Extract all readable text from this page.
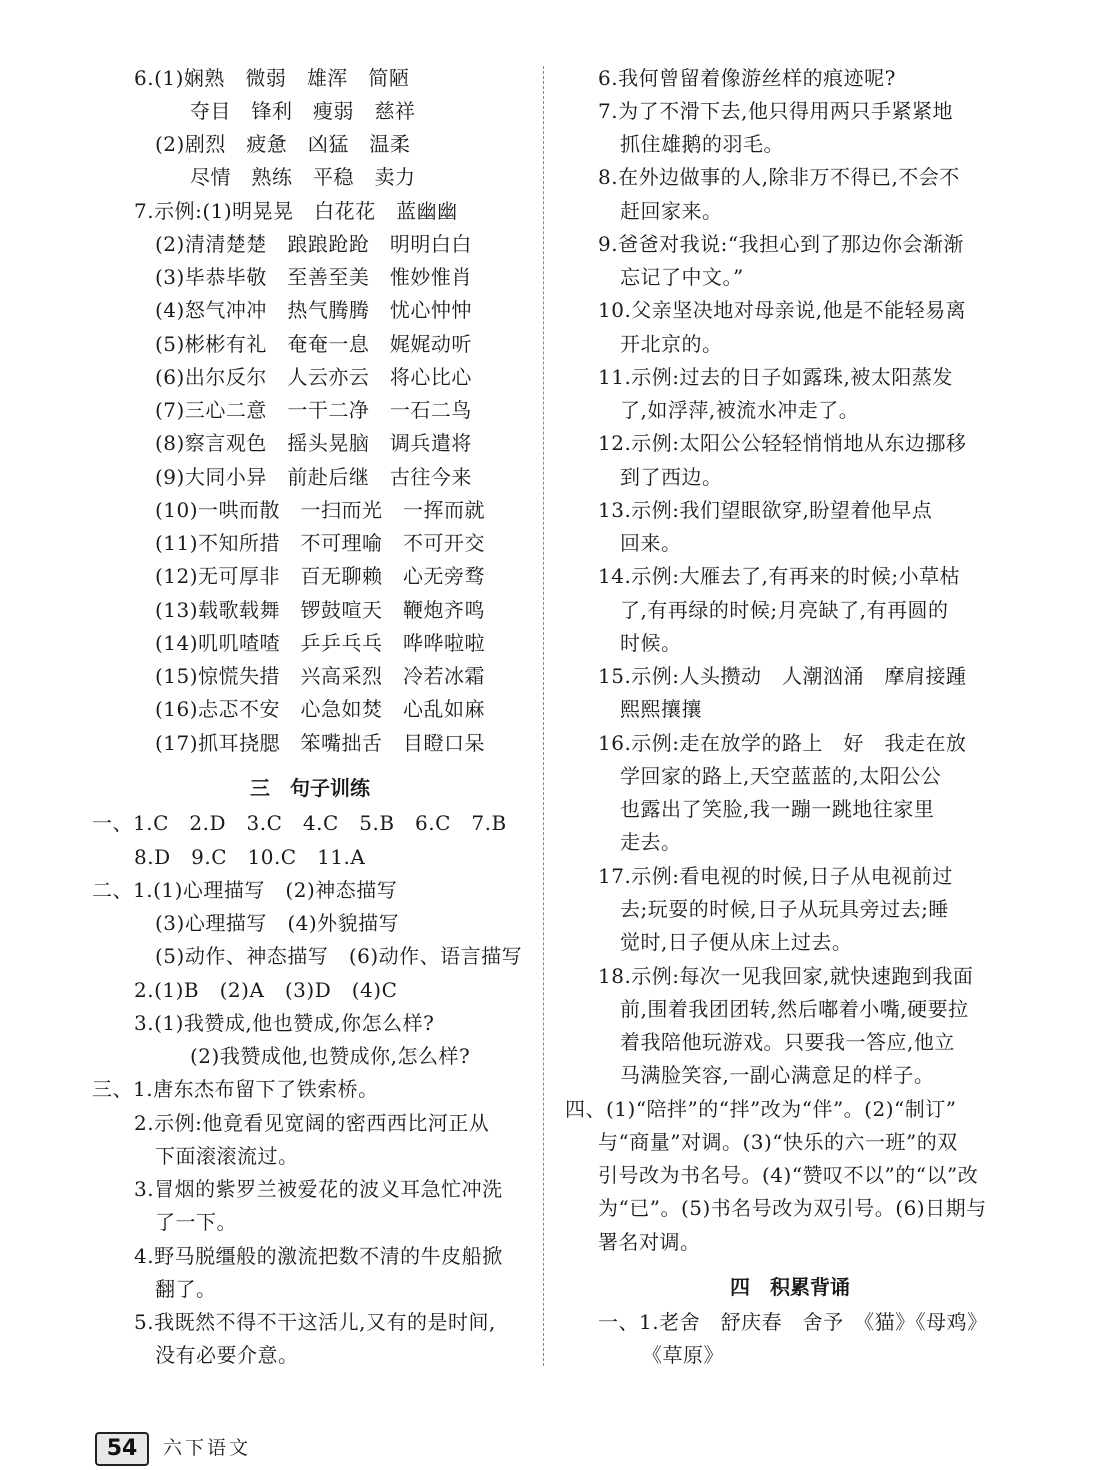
6.(1)娴熟　微弱　雄浑　简陋
夺目　锋利　瘦弱　慈祥
(2)剧烈　疲惫　凶猛　温柔
尽情　熟练　平稳　卖力
7.示例:(1)明晃晃　白花花　蓝幽幽
(2)清清楚楚　踉踉跄跄　明明白白
(3)毕恭毕敬　至善至美　惟妙惟肖
(4)怒气冲冲　热气腾腾　忧心忡忡
(5)彬彬有礼　奄奄一息　娓娓动听
(6)出尔反尔　人云亦云　将心比心
(7)三心二意　一干二净　一石二鸟
(8)察言观色　摇头晃脑　调兵遣将
(9)大同小异　前赴后继　古往今来
(10)一哄而散　一扫而光　一挥而就
(11)不知所措　不可理喻　不可开交
(12)无可厚非　百无聊赖　心无旁骛
(13)载歌载舞　锣鼓喧天　鞭炮齐鸣
(14)叽叽喳喳　乒乒乓乓　哗哗啦啦
(15)惊慌失措　兴高采烈　冷若冰霜
(16)忐忑不安　心急如焚　心乱如麻
(17)抓耳挠腮　笨嘴拙舌　目瞪口呆
三　句子训练
一、1.C　2.D　3.C　4.C　5.B　6.C　7.B
8.D　9.C　10.C　11.A
二、1.(1)心理描写　(2)神态描写
(3)心理描写　(4)外貌描写
(5)动作、神态描写　(6)动作、语言描写
2.(1)B　(2)A　(3)D　(4)C
3.(1)我赞成,他也赞成,你怎么样?
(2)我赞成他,也赞成你,怎么样?
三、1.唐东杰布留下了铁索桥。
2.示例:他竟看见宽阔的密西西比河正从
下面滚滚流过。
3.冒烟的紫罗兰被爱花的波义耳急忙冲洗
了一下。
4.野马脱缰般的激流把数不清的牛皮船掀
翻了。
5.我既然不得不干这活儿,又有的是时间,
没有必要介意。
6.我何曾留着像游丝样的痕迹呢?
7.为了不滑下去,他只得用两只手紧紧地
抓住雄鹅的羽毛。
8.在外边做事的人,除非万不得已,不会不
赶回家来。
9.爸爸对我说:“我担心到了那边你会渐渐
忘记了中文。”
10.父亲坚决地对母亲说,他是不能轻易离
开北京的。
11.示例:过去的日子如露珠,被太阳蒸发
了,如浮萍,被流水冲走了。
12.示例:太阳公公轻轻悄悄地从东边挪移
到了西边。
13.示例:我们望眼欲穿,盼望着他早点
回来。
14.示例:大雁去了,有再来的时候;小草枯
了,有再绿的时候;月亮缺了,有再圆的
时候。
15.示例:人头攒动　人潮汹涌　摩肩接踵
熙熙攘攘
16.示例:走在放学的路上　好　我走在放
学回家的路上,天空蓝蓝的,太阳公公
也露出了笑脸,我一蹦一跳地往家里
走去。
17.示例:看电视的时候,日子从电视前过
去;玩耍的时候,日子从玩具旁过去;睡
觉时,日子便从床上过去。
18.示例:每次一见我回家,就快速跑到我面
前,围着我团团转,然后嘟着小嘴,硬要拉
着我陪他玩游戏。只要我一答应,他立
马满脸笑容,一副心满意足的样子。
四、(1)“陪拌”的“拌”改为“伴”。(2)“制订”
与“商量”对调。(3)“快乐的六一班”的双
引号改为书名号。(4)“赞叹不以”的“以”改
为“已”。(5)书名号改为双引号。(6)日期与
署名对调。
四　积累背诵
一、1.老舍　舒庆春　舍予　《猫》《母鸡》
《草原》
54	六下语文
